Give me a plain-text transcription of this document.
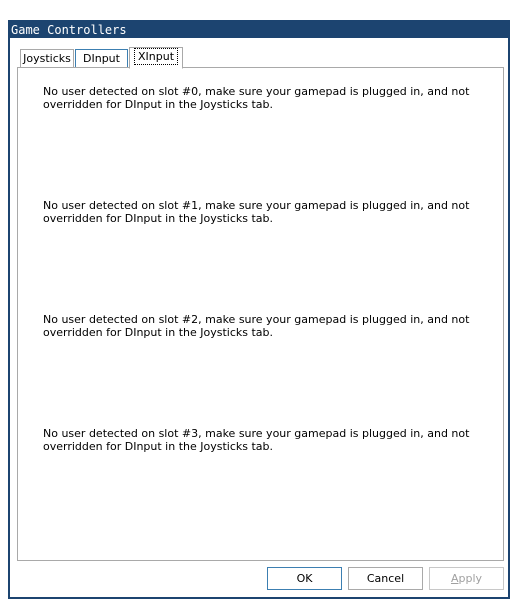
Game Controllers
Joysticks	DInput	XInput
No user detected on slot #0, make sure your gamepad is plugged in, and not overridden for DInput in the Joysticks tab.
No user detected on slot #1, make sure your gamepad is plugged in, and not overridden for DInput in the Joysticks tab.
No user detected on slot #2, make sure your gamepad is plugged in, and not overridden for DInput in the Joysticks tab.
No user detected on slot #3, make sure your gamepad is plugged in, and not overridden for DInput in the Joysticks tab.
OK	Cancel	Apply
